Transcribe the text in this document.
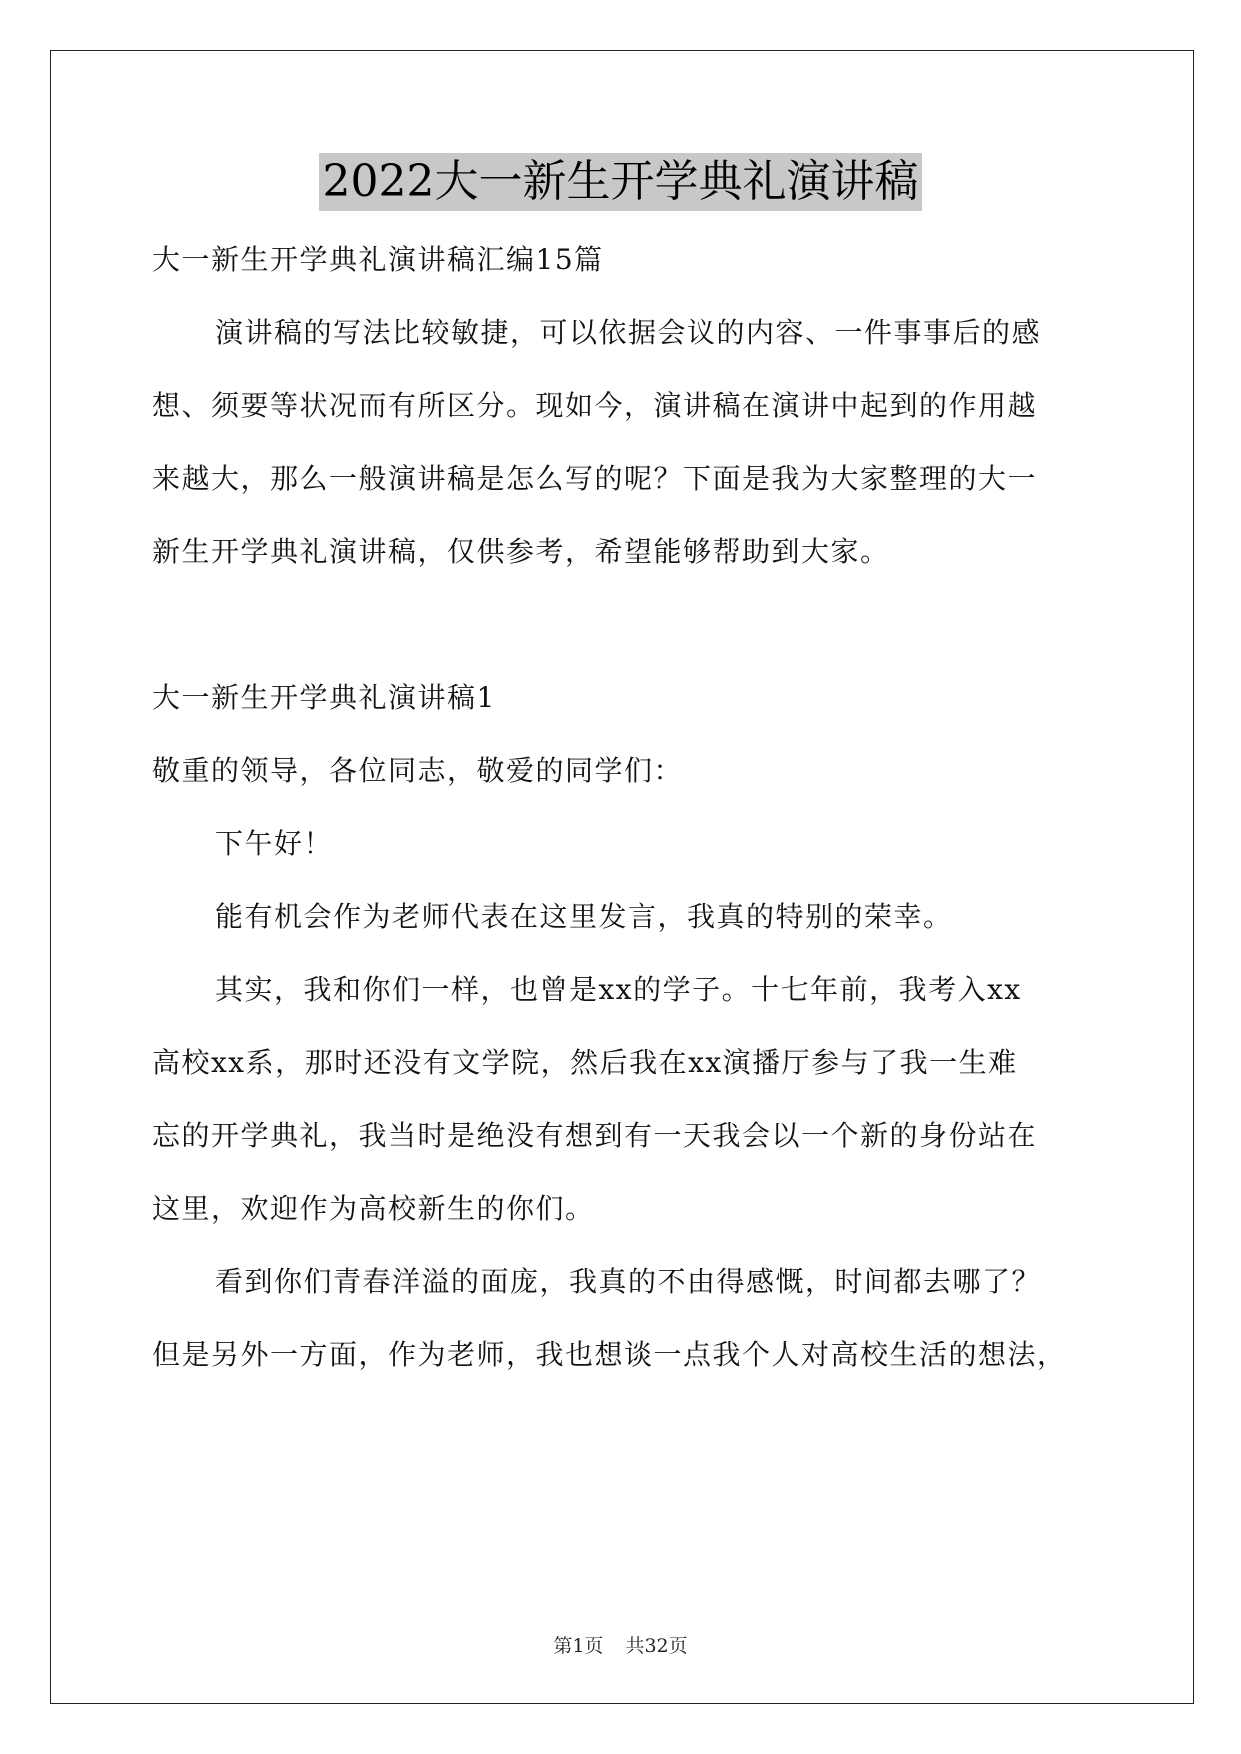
2022大一新生开学典礼演讲稿
大一新生开学典礼演讲稿汇编15篇
演讲稿的写法比较敏捷，可以依据会议的内容、一件事事后的感
想、须要等状况而有所区分。现如今，演讲稿在演讲中起到的作用越
来越大，那么一般演讲稿是怎么写的呢？下面是我为大家整理的大一
新生开学典礼演讲稿，仅供参考，希望能够帮助到大家。
大一新生开学典礼演讲稿1
敬重的领导，各位同志，敬爱的同学们：
下午好！
能有机会作为老师代表在这里发言，我真的特别的荣幸。
其实，我和你们一样，也曾是xx的学子。十七年前，我考入xx
高校xx系，那时还没有文学院，然后我在xx演播厅参与了我一生难
忘的开学典礼，我当时是绝没有想到有一天我会以一个新的身份站在
这里，欢迎作为高校新生的你们。
看到你们青春洋溢的面庞，我真的不由得感慨，时间都去哪了？
但是另外一方面，作为老师，我也想谈一点我个人对高校生活的想法，
第1页 共32页
